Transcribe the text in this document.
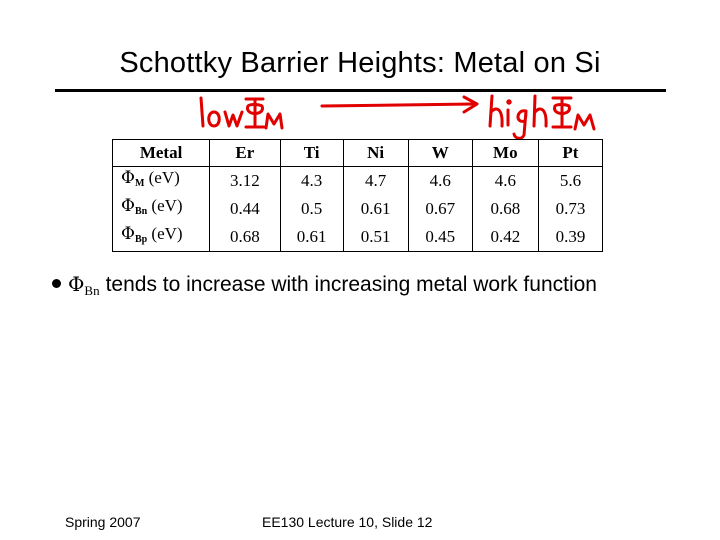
Schottky Barrier Heights: Metal on Si
Metal	Er	Ti	Ni	W	Mo	Pt
$\Phi_M$ (eV)	3.12	4.3	4.7	4.6	4.6	5.6
$\Phi_{Bn}$ (eV)	0.44	0.5	0.61	0.67	0.68	0.73
$\Phi_{Bp}$ (eV)	0.68	0.61	0.51	0.45	0.42	0.39
ΦBn tends to increase with increasing metal work function
Spring 2007	EE130 Lecture 10, Slide 12
